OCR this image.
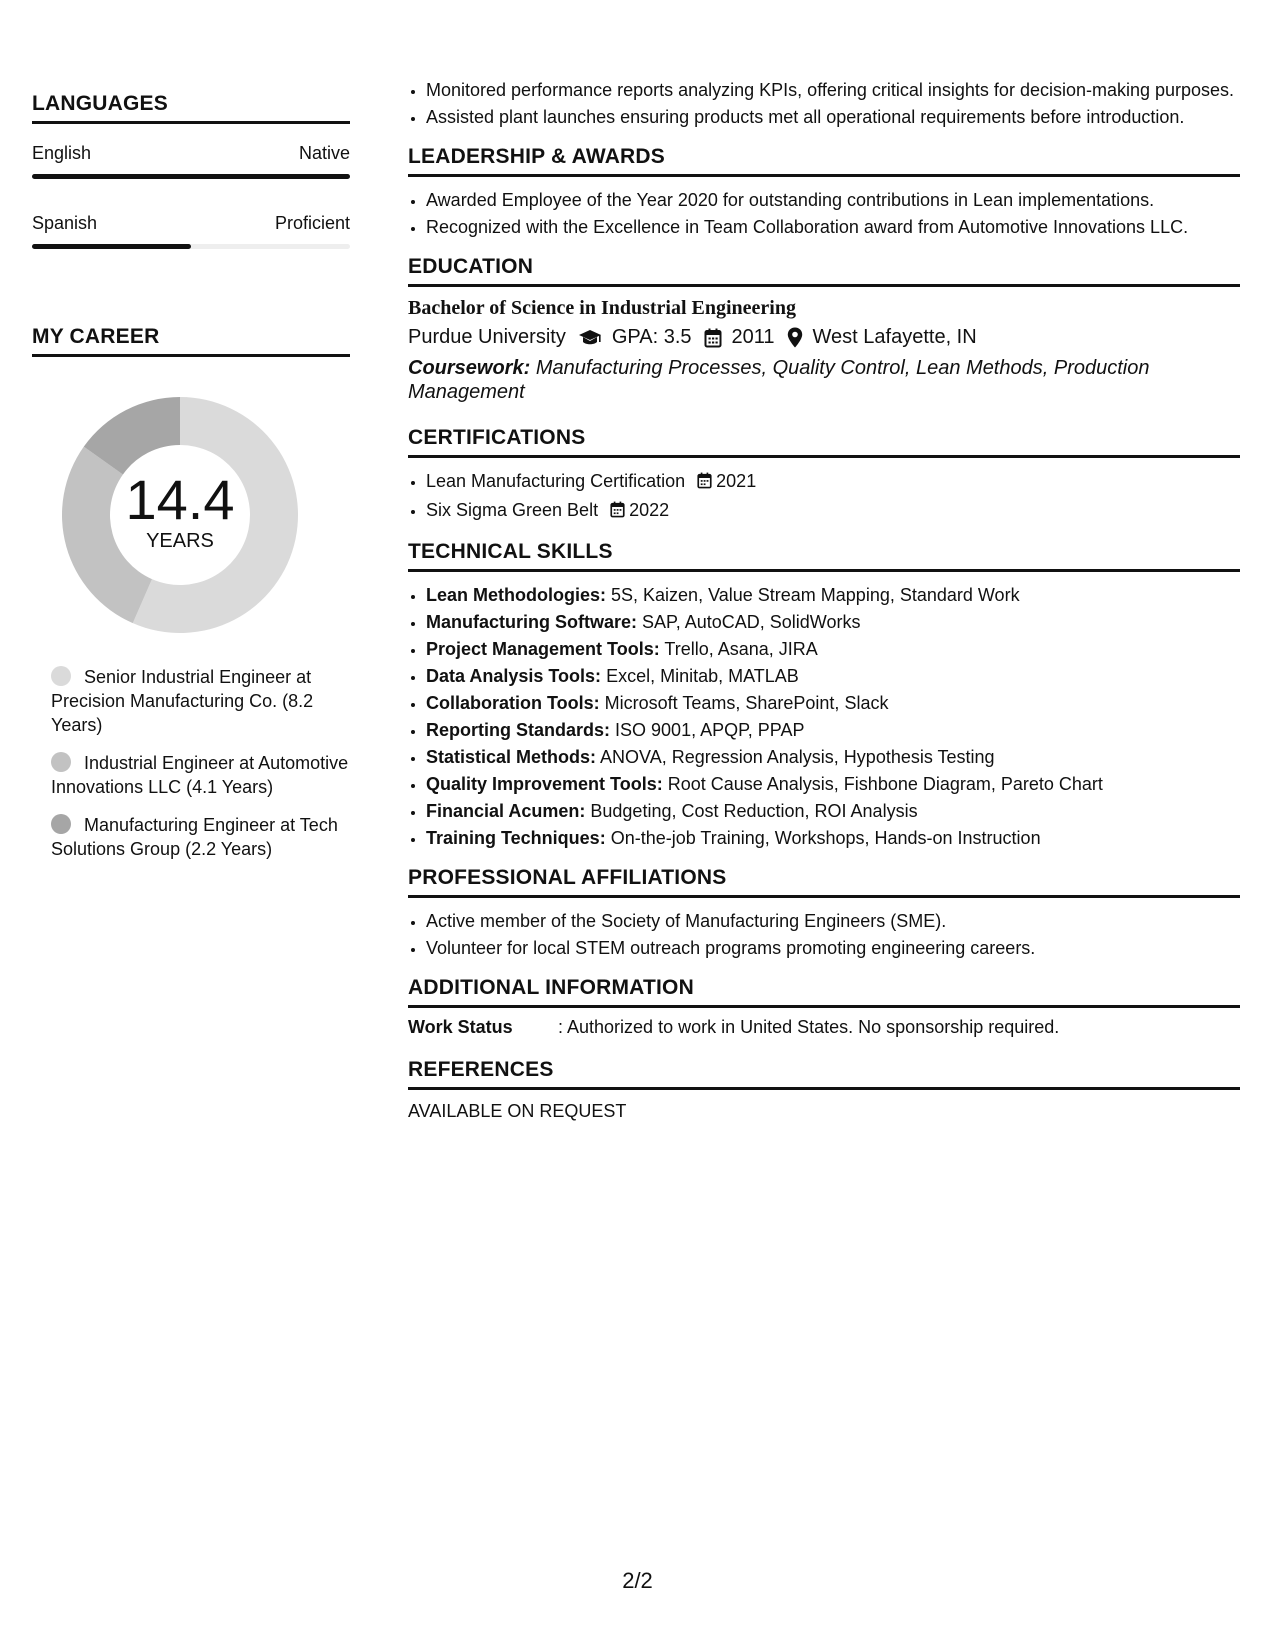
LANGUAGES
English	Native
Spanish	Proficient
MY CAREER
14.4
YEARS
Senior Industrial Engineer at Precision Manufacturing Co. (8.2 Years)
Industrial Engineer at Automotive Innovations LLC (4.1 Years)
Manufacturing Engineer at Tech Solutions Group (2.2 Years)
• Monitored performance reports analyzing KPIs, offering critical insights for decision-making purposes.
• Assisted plant launches ensuring products met all operational requirements before introduction.
LEADERSHIP & AWARDS
• Awarded Employee of the Year 2020 for outstanding contributions in Lean implementations.
• Recognized with the Excellence in Team Collaboration award from Automotive Innovations LLC.
EDUCATION
Bachelor of Science in Industrial Engineering
Purdue University GPA: 3.5 2011 West Lafayette, IN
Coursework: Manufacturing Processes, Quality Control, Lean Methods, Production Management
CERTIFICATIONS
• Lean Manufacturing Certification 2021
• Six Sigma Green Belt 2022
TECHNICAL SKILLS
• Lean Methodologies: 5S, Kaizen, Value Stream Mapping, Standard Work
• Manufacturing Software: SAP, AutoCAD, SolidWorks
• Project Management Tools: Trello, Asana, JIRA
• Data Analysis Tools: Excel, Minitab, MATLAB
• Collaboration Tools: Microsoft Teams, SharePoint, Slack
• Reporting Standards: ISO 9001, APQP, PPAP
• Statistical Methods: ANOVA, Regression Analysis, Hypothesis Testing
• Quality Improvement Tools: Root Cause Analysis, Fishbone Diagram, Pareto Chart
• Financial Acumen: Budgeting, Cost Reduction, ROI Analysis
• Training Techniques: On-the-job Training, Workshops, Hands-on Instruction
PROFESSIONAL AFFILIATIONS
• Active member of the Society of Manufacturing Engineers (SME).
• Volunteer for local STEM outreach programs promoting engineering careers.
ADDITIONAL INFORMATION
Work Status	: Authorized to work in United States. No sponsorship required.
REFERENCES
AVAILABLE ON REQUEST
2/2
